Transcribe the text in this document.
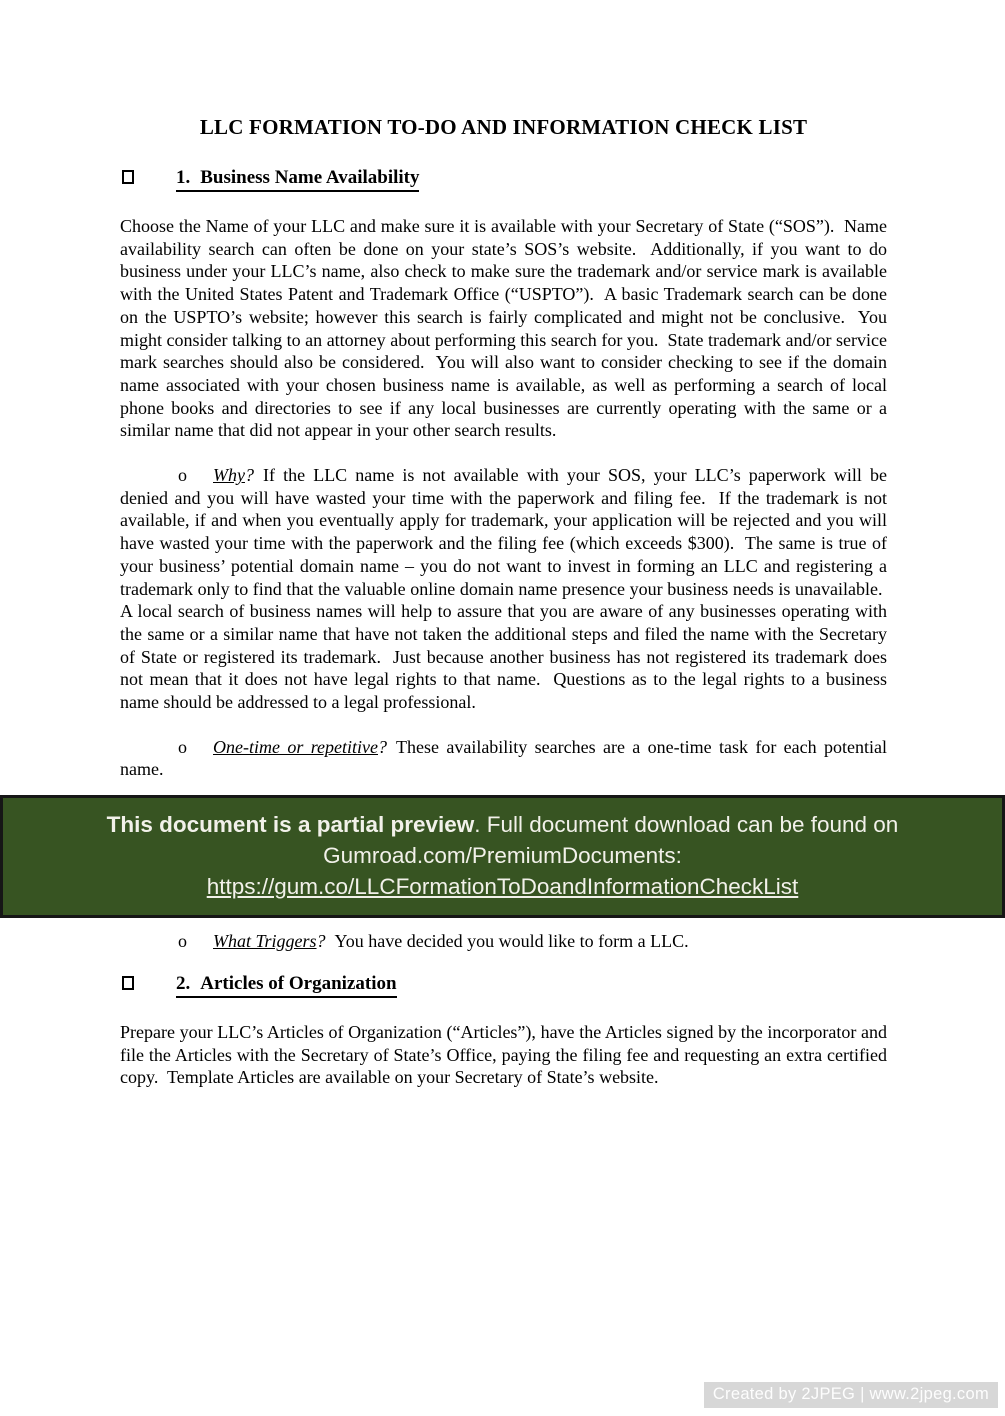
LLC FORMATION TO-DO AND INFORMATION CHECK LIST
1. Business Name Availability

Choose the Name of your LLC and make sure it is available with your Secretary of State (“SOS”).  Name availability search can often be done on your state’s SOS’s website.  Additionally, if you want to do business under your LLC’s name, also check to make sure the trademark and/or service mark is available with the United States Patent and Trademark Office (“USPTO”).  A basic Trademark search can be done on the USPTO’s website; however this search is fairly complicated and might not be conclusive.  You might consider talking to an attorney about performing this search for you.  State trademark and/or service mark searches should also be considered.  You will also want to consider checking to see if the domain name associated with your chosen business name is available, as well as performing a search of local phone books and directories to see if any local businesses are currently operating with the same or a similar name that did not appear in your other search results.

o Why? If the LLC name is not available with your SOS, your LLC’s paperwork will be denied and you will have wasted your time with the paperwork and filing fee.  If the trademark is not available, if and when you eventually apply for trademark, your application will be rejected and you will have wasted your time with the paperwork and the filing fee (which exceeds $300).  The same is true of your business’ potential domain name – you do not want to invest in forming an LLC and registering a trademark only to find that the valuable online domain name presence your business needs is unavailable.  A local search of business names will help to assure that you are aware of any businesses operating with the same or a similar name that have not taken the additional steps and filed the name with the Secretary of State or registered its trademark.  Just because another business has not registered its trademark does not mean that it does not have legal rights to that name.  Questions as to the legal rights to a business name should be addressed to a legal professional.

o One-time or repetitive? These availability searches are a one-time task for each potential name.

This document is a partial preview. Full document download can be found on
Gumroad.com/PremiumDocuments:
https://gum.co/LLCFormationToDoandInformationCheckList

o What Triggers? You have decided you would like to form a LLC.

2. Articles of Organization

Prepare your LLC’s Articles of Organization (“Articles”), have the Articles signed by the incorporator and file the Articles with the Secretary of State’s Office, paying the filing fee and requesting an extra certified copy.  Template Articles are available on your Secretary of State’s website.

Created by 2JPEG | www.2jpeg.com
